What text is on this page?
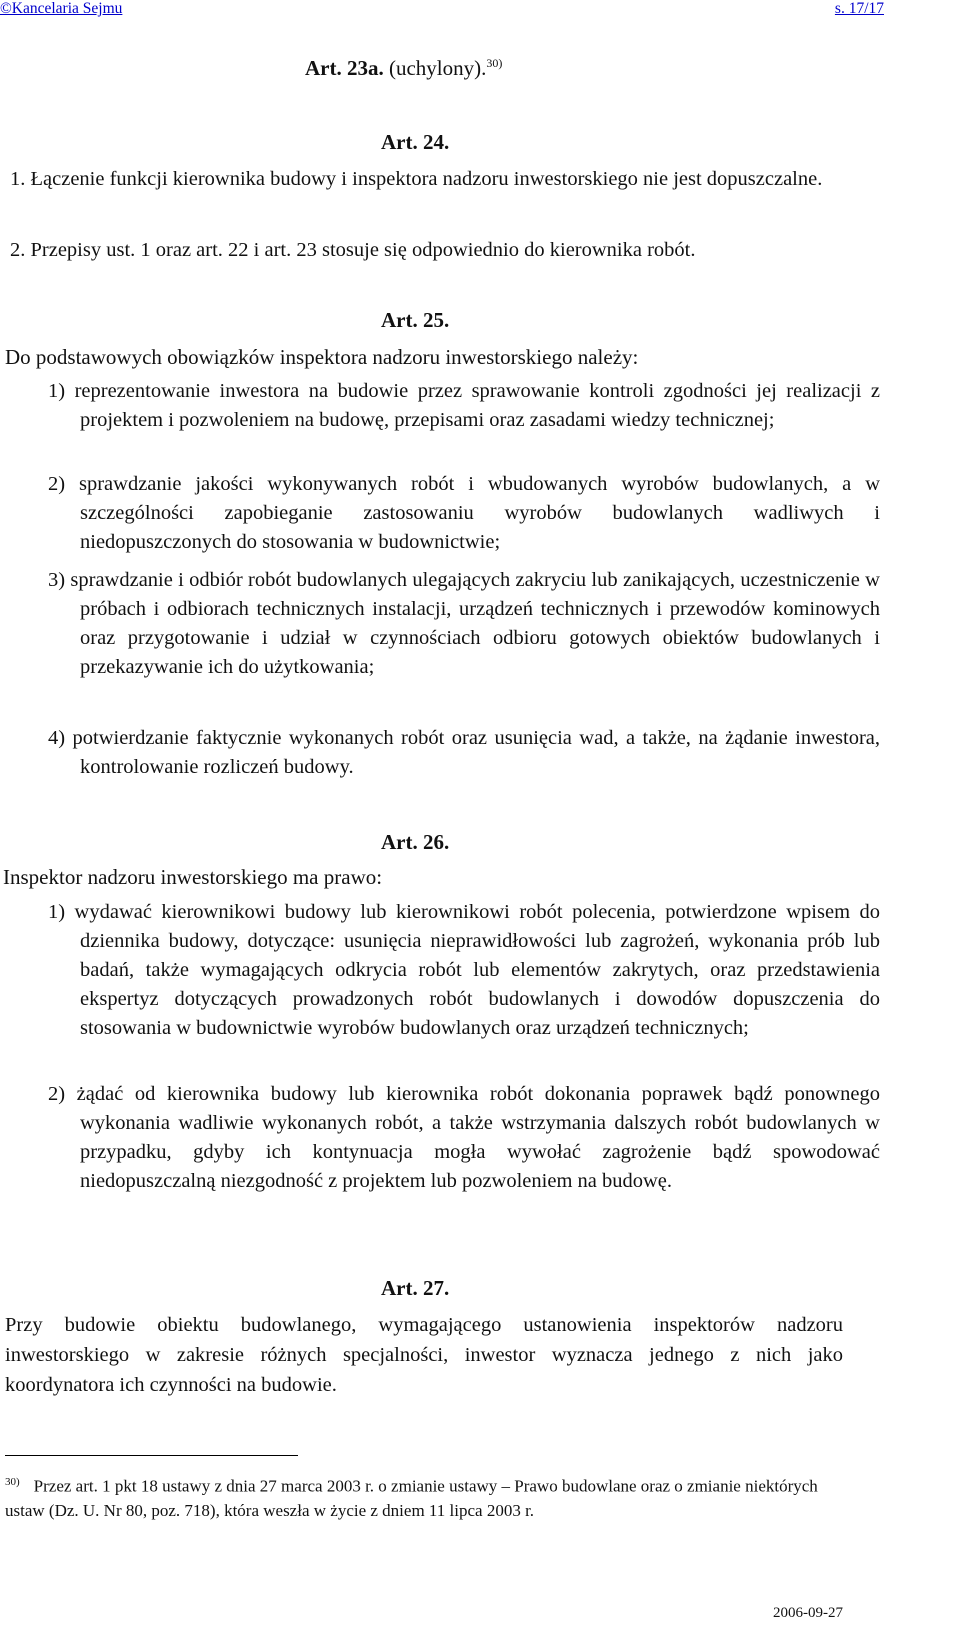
©Kancelaria Sejmu	s. 17/17
Art. 23a. (uchylony).$^{30)}$
Art. 24.
1. Łączenie funkcji kierownika budowy i inspektora nadzoru inwestorskiego nie jest dopuszczalne.
2. Przepisy ust. 1 oraz art. 22 i art. 23 stosuje się odpowiednio do kierownika robót.
Art. 25.
Do podstawowych obowiązków inspektora nadzoru inwestorskiego należy:
1) reprezentowanie inwestora na budowie przez sprawowanie kontroli zgodności jej realizacji z projektem i pozwoleniem na budowę, przepisami oraz zasadami wiedzy technicznej;
2) sprawdzanie jakości wykonywanych robót i wbudowanych wyrobów budowlanych, a w szczególności zapobieganie zastosowaniu wyrobów budowlanych wadliwych i niedopuszczonych do stosowania w budownictwie;
3) sprawdzanie i odbiór robót budowlanych ulegających zakryciu lub zanikających, uczestniczenie w próbach i odbiorach technicznych instalacji, urządzeń technicznych i przewodów kominowych oraz przygotowanie i udział w czynnościach odbioru gotowych obiektów budowlanych i przekazywanie ich do użytkowania;
4) potwierdzanie faktycznie wykonanych robót oraz usunięcia wad, a także, na żądanie inwestora, kontrolowanie rozliczeń budowy.
Art. 26.
Inspektor nadzoru inwestorskiego ma prawo:
1) wydawać kierownikowi budowy lub kierownikowi robót polecenia, potwierdzone wpisem do dziennika budowy, dotyczące: usunięcia nieprawidłowości lub zagrożeń, wykonania prób lub badań, także wymagających odkrycia robót lub elementów zakrytych, oraz przedstawienia ekspertyz dotyczących prowadzonych robót budowlanych i dowodów dopuszczenia do stosowania w budownictwie wyrobów budowlanych oraz urządzeń technicznych;
2) żądać od kierownika budowy lub kierownika robót dokonania poprawek bądź ponownego wykonania wadliwie wykonanych robót, a także wstrzymania dalszych robót budowlanych w przypadku, gdyby ich kontynuacja mogła wywołać zagrożenie bądź spowodować niedopuszczalną niezgodność z projektem lub pozwoleniem na budowę.
Art. 27.
Przy budowie obiektu budowlanego, wymagającego ustanowienia inspektorów nadzoru inwestorskiego w zakresie różnych specjalności, inwestor wyznacza jednego z nich jako koordynatora ich czynności na budowie.
$^{30)}$ Przez art. 1 pkt 18 ustawy z dnia 27 marca 2003 r. o zmianie ustawy – Prawo budowlane oraz o zmianie niektórych ustaw (Dz. U. Nr 80, poz. 718), która weszła w życie z dniem 11 lipca 2003 r.
2006-09-27
